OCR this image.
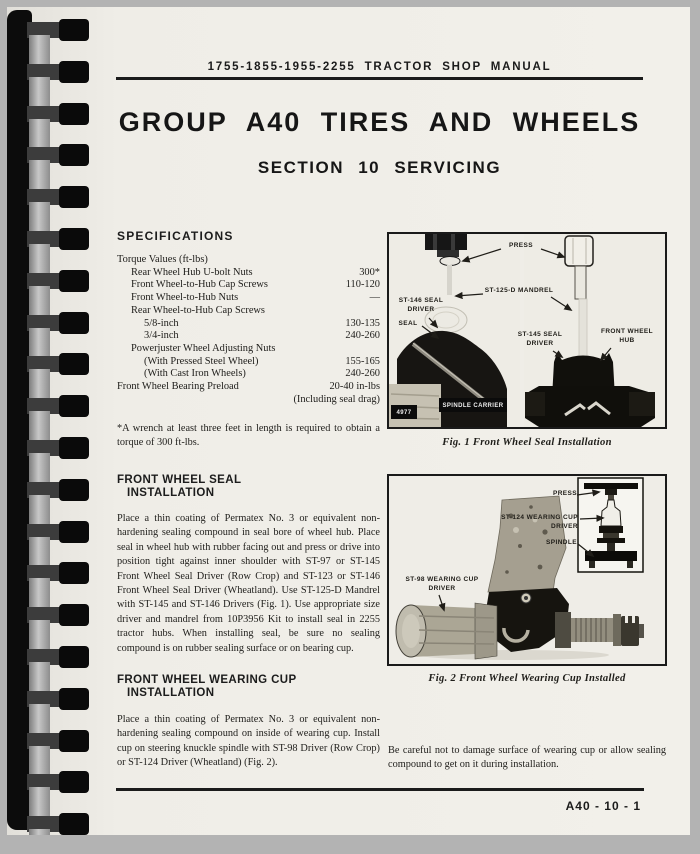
1755-1855-1955-2255 TRACTOR SHOP MANUAL
GROUP A40 TIRES AND WHEELS
SECTION 10 SERVICING
SPECIFICATIONS
Torque Values (ft-lbs)
Rear Wheel Hub U-bolt Nuts	300*
Front Wheel-to-Hub Cap Screws	110-120
Front Wheel-to-Hub Nuts	—
Rear Wheel-to-Hub Cap Screws
5/8-inch	130-135
3/4-inch	240-260
Powerjuster Wheel Adjusting Nuts
(With Pressed Steel Wheel)	155-165
(With Cast Iron Wheels)	240-260
Front Wheel Bearing Preload	20-40 in-lbs
(Including seal drag)
*A wrench at least three feet in length is required to obtain a torque of 300 ft-lbs.
FRONT WHEEL SEAL
INSTALLATION
Place a thin coating of Permatex No. 3 or equivalent non-hardening sealing compound in seal bore of wheel hub. Place seal in wheel hub with rubber facing out and press or drive into position tight against inner shoulder with ST-97 or ST-145 Front Wheel Seal Driver (Row Crop) and ST-123 or ST-146 Front Wheel Seal Driver (Wheatland). Use ST-125-D Mandrel with ST-145 and ST-146 Drivers (Fig. 1). Use appropriate size driver and mandrel from 10P3956 Kit to install seal in 2255 tractor hubs. When installing seal, be sure no sealing compound is on rubber sealing surface or on bearing cup.
FRONT WHEEL WEARING CUP
INSTALLATION
Place a thin coating of Permatex No. 3 or equivalent non-hardening sealing compound on inside of wearing cup. Install cup on steering knuckle spindle with ST-98 Driver (Row Crop) or ST-124 Driver (Wheatland) (Fig. 2).
PRESS
ST-125-D MANDREL
ST-146 SEAL
DRIVER
SEAL
ST-145 SEAL
DRIVER
FRONT WHEEL
HUB
SPINDLE CARRIER
4977
Fig. 1 Front Wheel Seal Installation
PRESS
ST-124 WEARING CUP DRIVER
SPINDLE
ST-98 WEARING CUP
DRIVER
Fig. 2 Front Wheel Wearing Cup Installed
Be careful not to damage surface of wearing cup or allow sealing compound to get on it during installation.
A40 - 10 - 1
